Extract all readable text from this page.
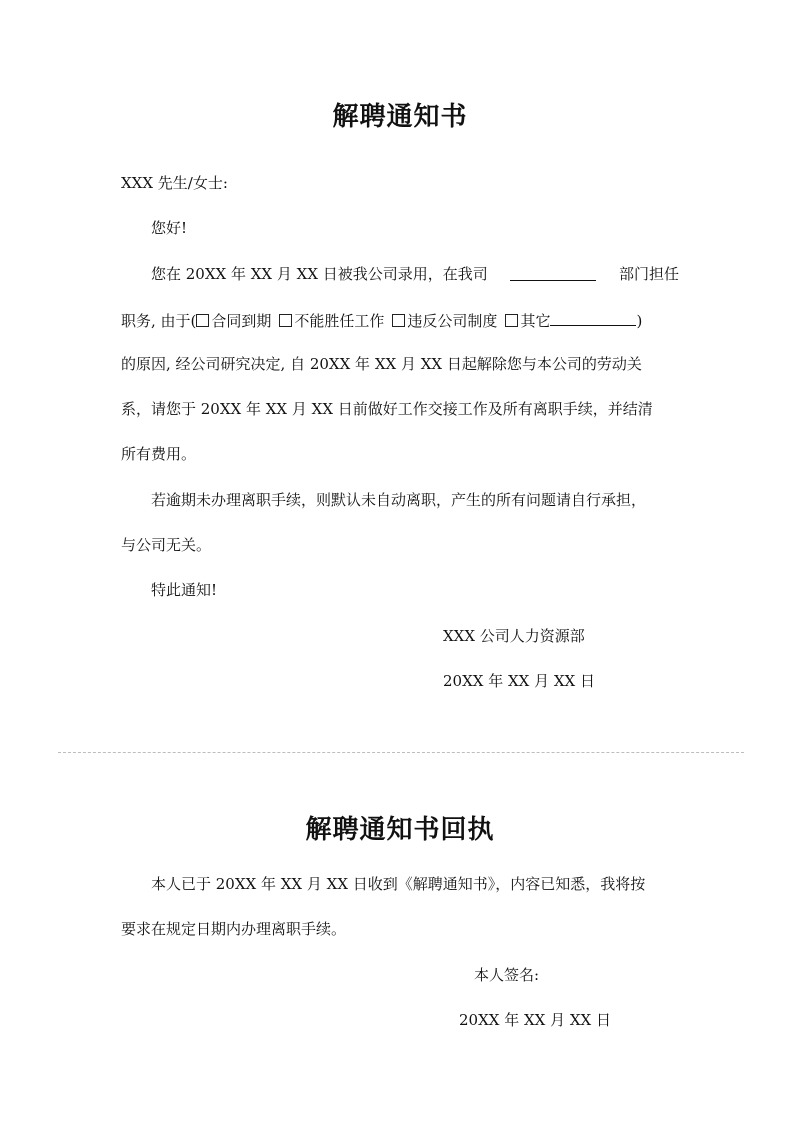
解聘通知书

XXX 先生/女士:

您好!

您在 20XX 年 XX 月 XX 日被我公司录用，在我司	部门担任

职务, 由于( 合同到期 不能胜任工作 违反公司制度 其它	)

的原因, 经公司研究决定, 自 20XX 年 XX 月 XX 日起解除您与本公司的劳动关

系，请您于 20XX 年 XX 月 XX 日前做好工作交接工作及所有离职手续，并结清

所有费用。

若逾期未办理离职手续，则默认未自动离职，产生的所有问题请自行承担，

与公司无关。

特此通知!

XXX 公司人力资源部

20XX 年 XX 月 XX 日

解聘通知书回执

本人已于 20XX 年 XX 月 XX 日收到《解聘通知书》，内容已知悉，我将按

要求在规定日期内办理离职手续。

本人签名:

20XX 年 XX 月 XX 日
